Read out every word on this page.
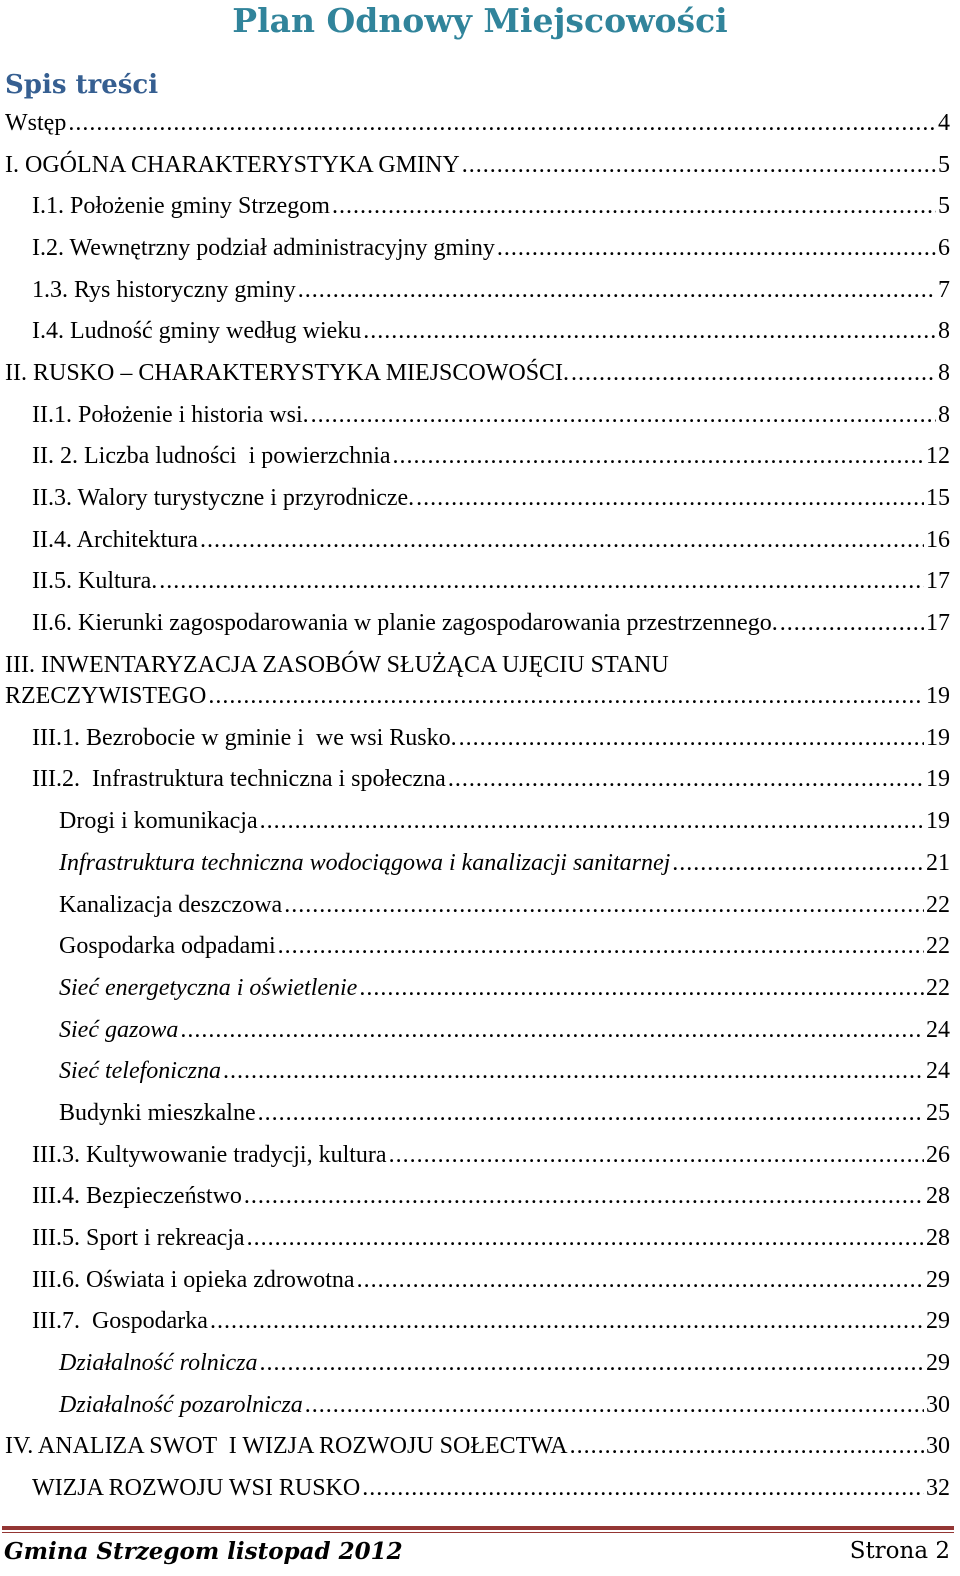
Plan Odnowy Miejscowości
Spis treści
Wstęp .....	4
I. OGÓLNA CHARAKTERYSTYKA GMINY .....	5
I.1. Położenie gminy Strzegom .....	5
I.2. Wewnętrzny podział administracyjny gminy .....	6
1.3. Rys historyczny gminy .....	7
I.4. Ludność gminy według wieku .....	8
II. RUSKO – CHARAKTERYSTYKA MIEJSCOWOŚCI. .....	8
II.1. Położenie i historia wsi. .....	8
II. 2. Liczba ludności  i powierzchnia .....	12
II.3. Walory turystyczne i przyrodnicze. .....	15
II.4. Architektura .....	16
II.5. Kultura. .....	17
II.6. Kierunki zagospodarowania w planie zagospodarowania przestrzennego. .....	17
III. INWENTARYZACJA ZASOBÓW SŁUŻĄCA UJĘCIU STANU
RZECZYWISTEGO .....	19
III.1. Bezrobocie w gminie i  we wsi Rusko. .....	19
III.2.  Infrastruktura techniczna i społeczna .....	19
Drogi i komunikacja .....	19
Infrastruktura techniczna wodociągowa i kanalizacji sanitarnej .....	21
Kanalizacja deszczowa .....	22
Gospodarka odpadami .....	22
Sieć energetyczna i oświetlenie .....	22
Sieć gazowa .....	24
Sieć telefoniczna .....	24
Budynki mieszkalne .....	25
III.3. Kultywowanie tradycji, kultura .....	26
III.4. Bezpieczeństwo .....	28
III.5. Sport i rekreacja .....	28
III.6. Oświata i opieka zdrowotna .....	29
III.7.  Gospodarka .....	29
Działalność rolnicza .....	29
Działalność pozarolnicza .....	30
IV. ANALIZA SWOT  I WIZJA ROZWOJU SOŁECTWA .....	30
WIZJA ROZWOJU WSI RUSKO .....	32
Gmina Strzegom listopad 2012	Strona 2
